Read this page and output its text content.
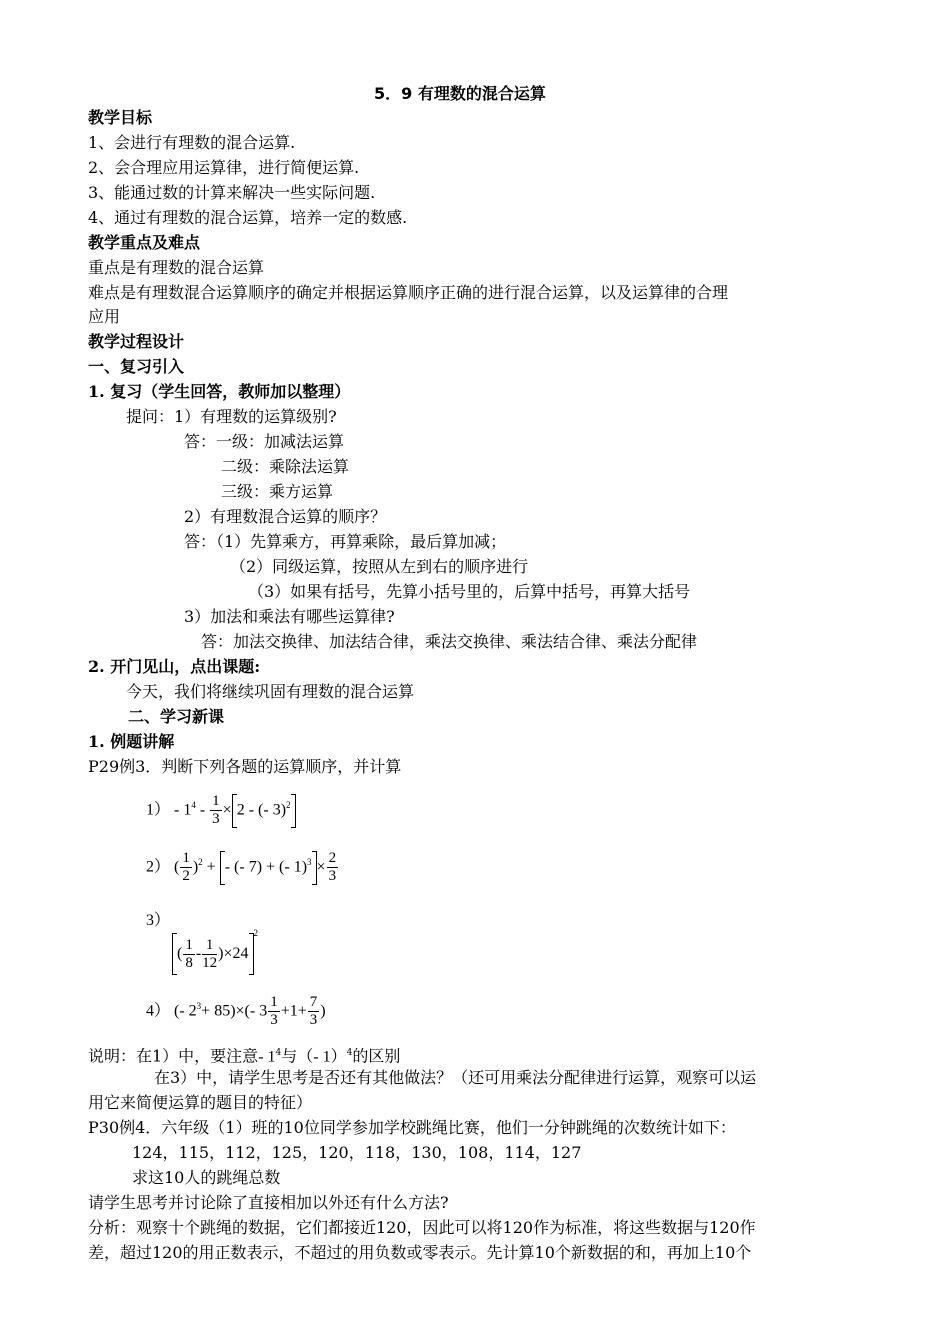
5．9 有理数的混合运算
教学目标
1、会进行有理数的混合运算.
2、会合理应用运算律，进行简便运算.
3、能通过数的计算来解决一些实际问题.
4、通过有理数的混合运算，培养一定的数感.
教学重点及难点
重点是有理数的混合运算
难点是有理数混合运算顺序的确定并根据运算顺序正确的进行混合运算，以及运算律的合理
应用
教学过程设计
一、复习引入
1. 复习（学生回答，教师加以整理）
提问：1）有理数的运算级别?
答：一级：加减法运算
二级：乘除法运算
三级：乘方运算
2）有理数混合运算的顺序？
答：（1）先算乘方，再算乘除，最后算加减；
（2）同级运算，按照从左到右的顺序进行
（3）如果有括号，先算小括号里的，后算中括号，再算大括号
3）加法和乘法有哪些运算律?
答：加法交换律、加法结合律，乘法交换律、乘法结合律、乘法分配律
2. 开门见山，点出课题:
今天，我们将继续巩固有理数的混合运算
二、学习新课
1. 例题讲解
P29例3．判断下列各题的运算顺序，并计算
$1) - 1^4 - \frac{1}{3} \times 2$ - (- 3)$^2$
2） ( $\frac{1}{2} )^2$ + - (- 7) + (- $1)^3 \times \frac{2}{3}$
3）
( $\frac{1}{8} - \frac{1}{12} )\times 24^2$
4） (- $2^3+ 85)\times(-$ $3 \frac{1}{3} +1+ \frac{7}{3}$ )
说明：在1）中，要注意- $1^4$与（- 1）$^4$的区别
在3）中，请学生思考是否还有其他做法？（还可用乘法分配律进行运算，观察可以运
用它来简便运算的题目的特征）
P30例4．六年级（1）班的10位同学参加学校跳绳比赛，他们一分钟跳绳的次数统计如下：
124，115，112，125，120，118，130，108，114，127
求这10人的跳绳总数
请学生思考并讨论除了直接相加以外还有什么方法?
分析：观察十个跳绳的数据，它们都接近120，因此可以将120作为标准，将这些数据与120作
差，超过120的用正数表示，不超过的用负数或零表示。先计算10个新数据的和，再加上10个
